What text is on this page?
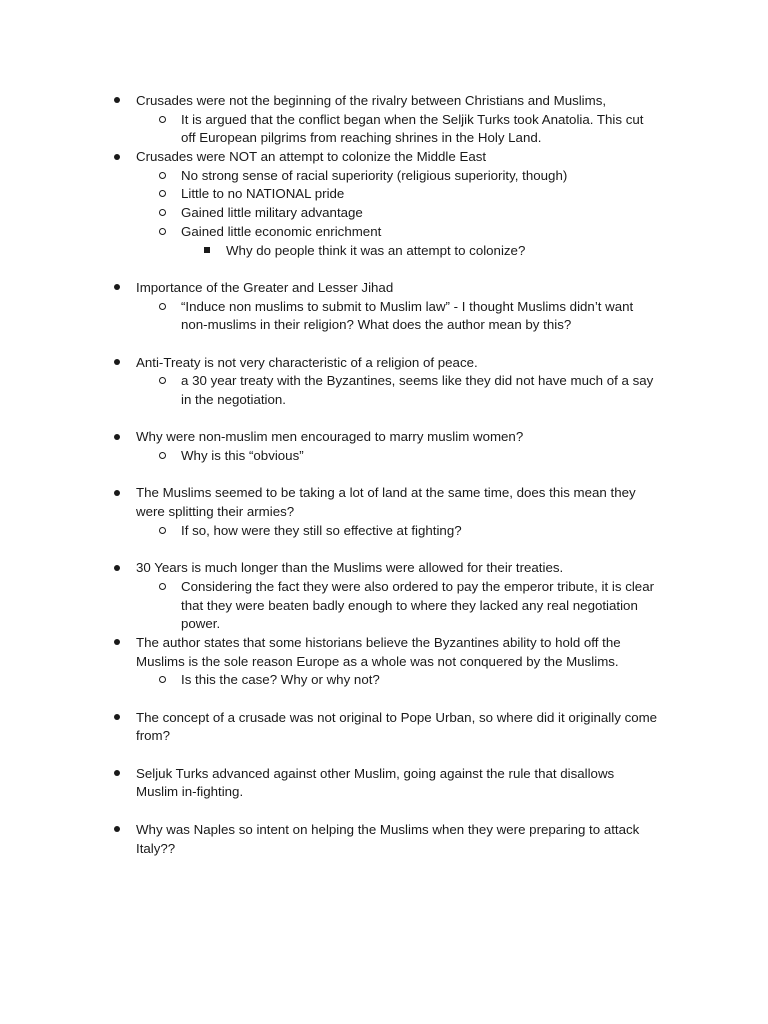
Crusades were not the beginning of the rivalry between Christians and Muslims,
It is argued that the conflict began when the Seljik Turks took Anatolia. This cut
off European pilgrims from reaching shrines in the Holy Land.
Crusades were NOT an attempt to colonize the Middle East
No strong sense of racial superiority (religious superiority, though)
Little to no NATIONAL pride
Gained little military advantage
Gained little economic enrichment
Why do people think it was an attempt to colonize?
Importance of the Greater and Lesser Jihad
“Induce non muslims to submit to Muslim law” - I thought Muslims didn’t want
non-muslims in their religion? What does the author mean by this?
Anti-Treaty is not very characteristic of a religion of peace.
a 30 year treaty with the Byzantines, seems like they did not have much of a say
in the negotiation.
Why were non-muslim men encouraged to marry muslim women?
Why is this “obvious”
The Muslims seemed to be taking a lot of land at the same time, does this mean they
were splitting their armies?
If so, how were they still so effective at fighting?
30 Years is much longer than the Muslims were allowed for their treaties.
Considering the fact they were also ordered to pay the emperor tribute, it is clear
that they were beaten badly enough to where they lacked any real negotiation
power.
The author states that some historians believe the Byzantines ability to hold off the
Muslims is the sole reason Europe as a whole was not conquered by the Muslims.
Is this the case? Why or why not?
The concept of a crusade was not original to Pope Urban, so where did it originally come
from?
Seljuk Turks advanced against other Muslim, going against the rule that disallows
Muslim in-fighting.
Why was Naples so intent on helping the Muslims when they were preparing to attack
Italy??
